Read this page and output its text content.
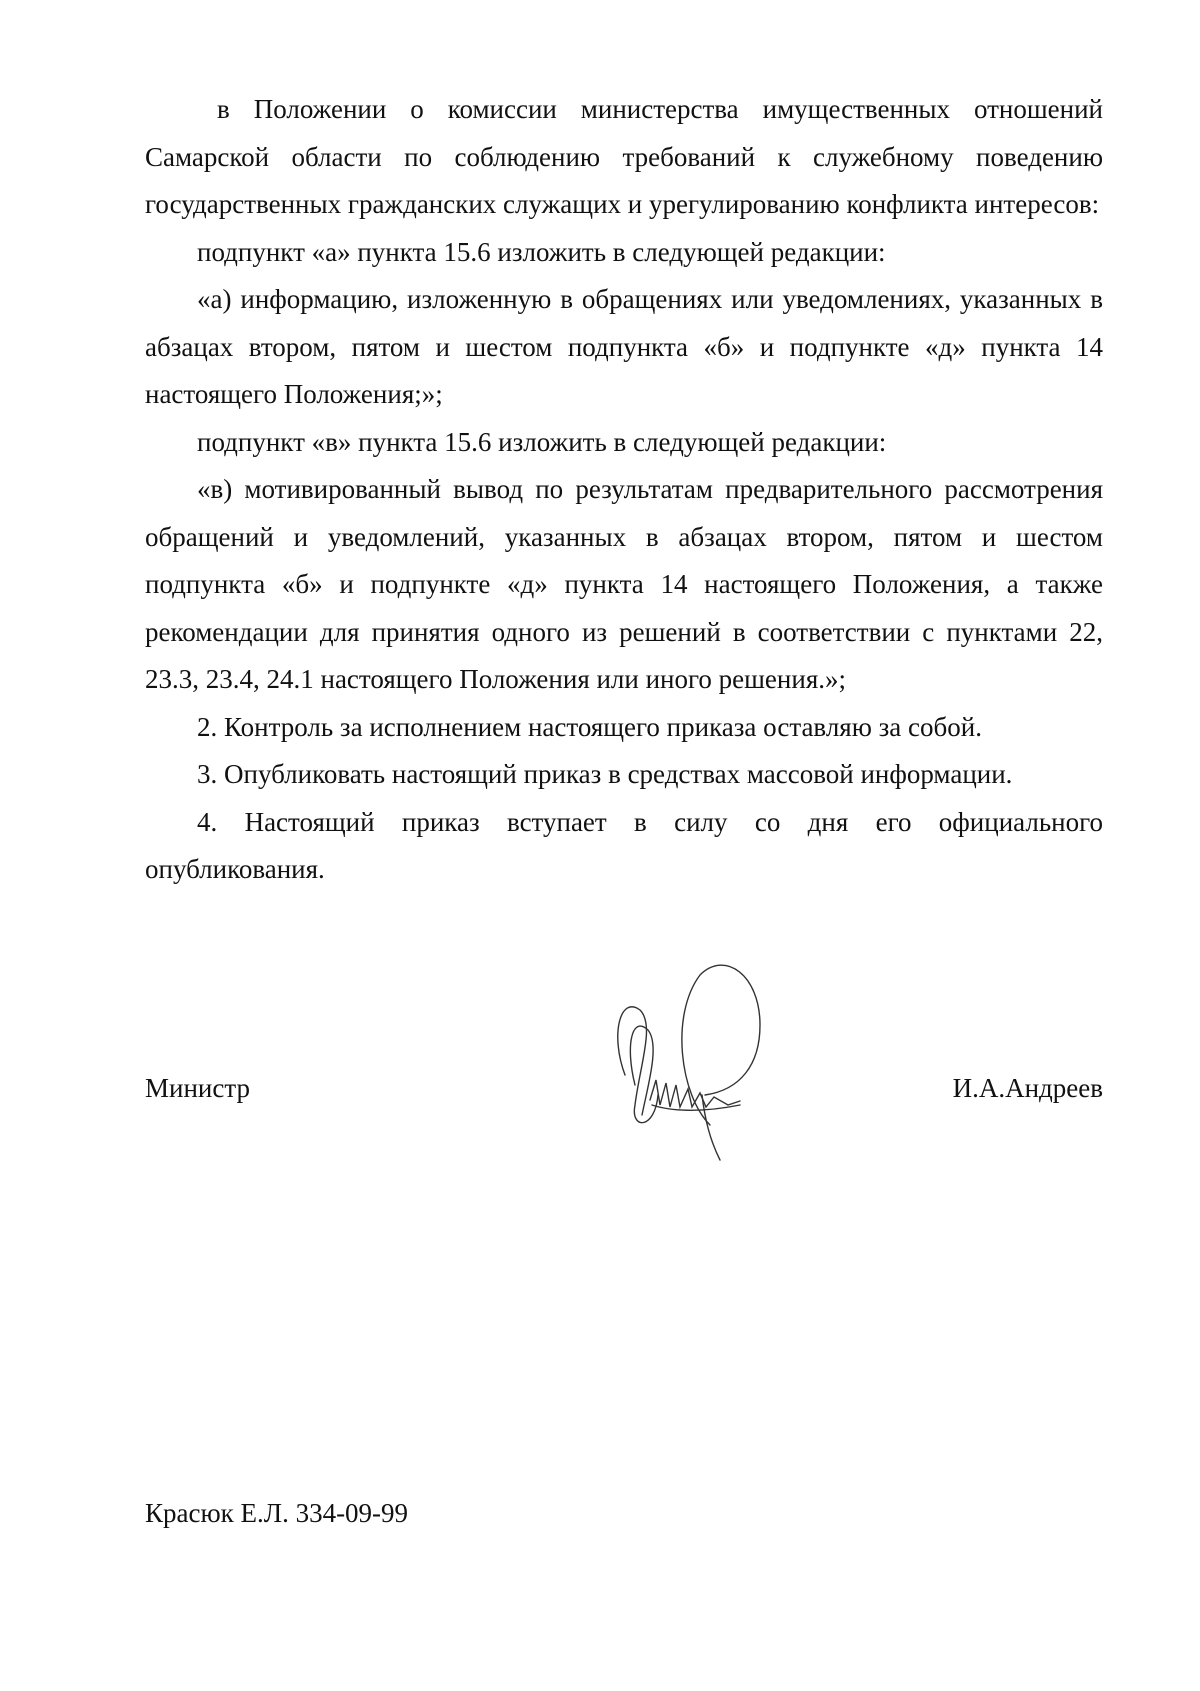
в Положении о комиссии министерства имущественных отношений Самарской области по соблюдению требований к служебному поведению государственных гражданских служащих и урегулированию конфликта интересов:

подпункт «а» пункта 15.6 изложить в следующей редакции:

«а) информацию, изложенную в обращениях или уведомлениях, указанных в абзацах втором, пятом и шестом подпункта «б» и подпункте «д» пункта 14 настоящего Положения;»;

подпункт «в» пункта 15.6 изложить в следующей редакции:

«в) мотивированный вывод по результатам предварительного рассмотрения обращений и уведомлений, указанных в абзацах втором, пятом и шестом подпункта «б» и подпункте «д» пункта 14 настоящего Положения, а также рекомендации для принятия одного из решений в соответствии с пунктами 22, 23.3, 23.4, 24.1 настоящего Положения или иного решения.»;

2. Контроль за исполнением настоящего приказа оставляю за собой.

3. Опубликовать настоящий приказ в средствах массовой информации.

4. Настоящий приказ вступает в силу со дня его официального опубликования.

Министр	И.А.Андреев
Красюк Е.Л. 334-09-99
